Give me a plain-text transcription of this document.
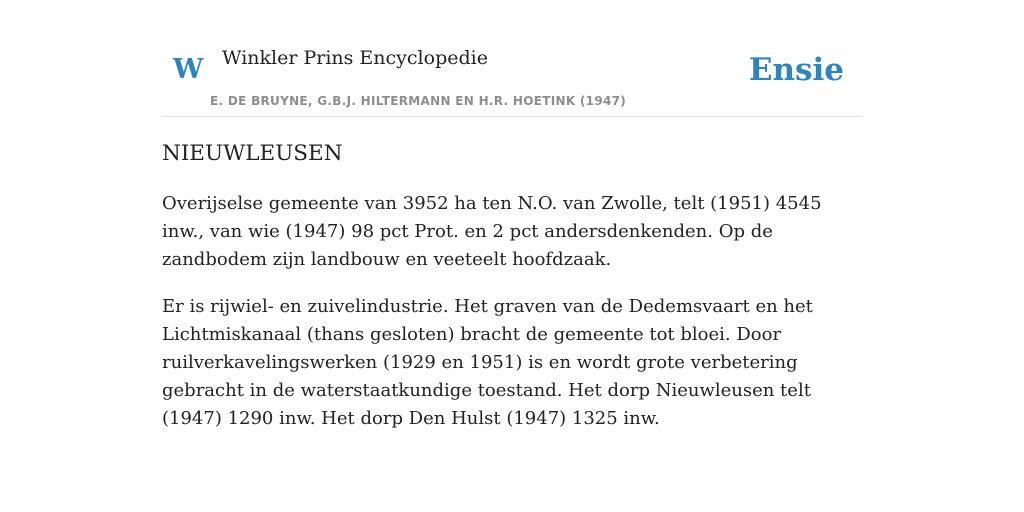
W Winkler Prins Encyclopedie
E. DE BRUYNE, G.B.J. HILTERMANN EN H.R. HOETINK (1947)
Ensie
NIEUWLEUSEN

Overijselse gemeente van 3952 ha ten N.O. van Zwolle, telt (1951) 4545 inw., van wie (1947) 98 pct Prot. en 2 pct andersdenkenden. Op de zandbodem zijn landbouw en veeteelt hoofdzaak.

Er is rijwiel- en zuivelindustrie. Het graven van de Dedemsvaart en het Lichtmiskanaal (thans gesloten) bracht de gemeente tot bloei. Door ruilverkavelingswerken (1929 en 1951) is en wordt grote verbetering gebracht in de waterstaatkundige toestand. Het dorp Nieuwleusen telt (1947) 1290 inw. Het dorp Den Hulst (1947) 1325 inw.
